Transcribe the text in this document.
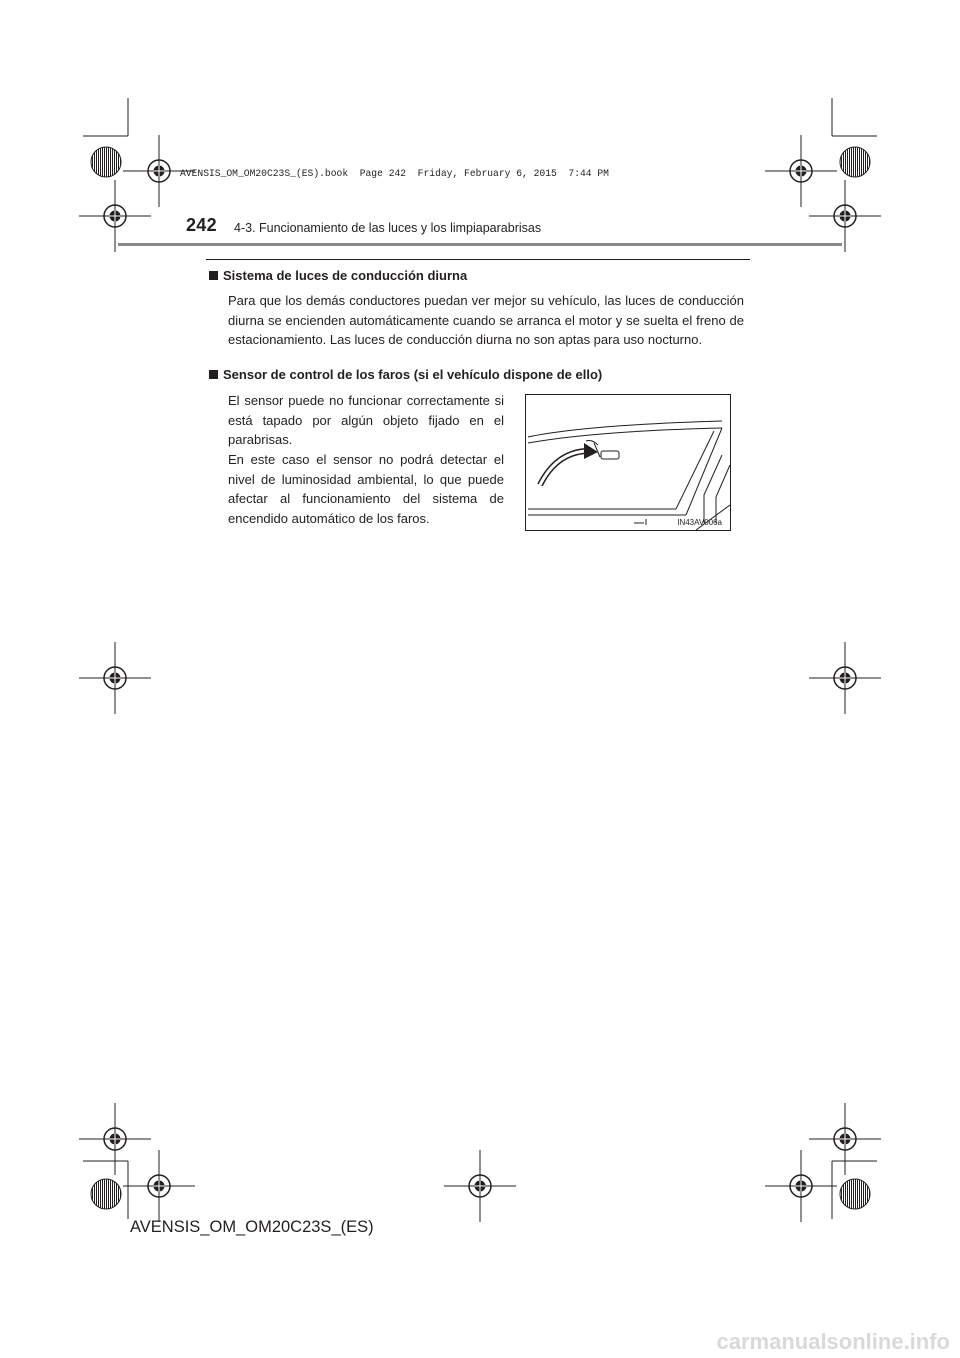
AVENSIS_OM_OM20C23S_(ES).book  Page 242  Friday, February 6, 2015  7:44 PM
242 4-3. Funcionamiento de las luces y los limpiaparabrisas
Sistema de luces de conducción diurna
Para que los demás conductores puedan ver mejor su vehículo, las luces de conducción diurna se encienden automáticamente cuando se arranca el motor y se suelta el freno de estacionamiento. Las luces de conducción diurna no son aptas para uso nocturno.
Sensor de control de los faros (si el vehículo dispone de ello)
El sensor puede no funcionar correctamente si está tapado por algún objeto fijado en el parabrisas.
En este caso el sensor no podrá detectar el nivel de luminosidad ambiental, lo que puede afectar al funcionamiento del sistema de encendido automático de los faros.	IN43AV006a
AVENSIS_OM_OM20C23S_(ES)
carmanualsonline.info
